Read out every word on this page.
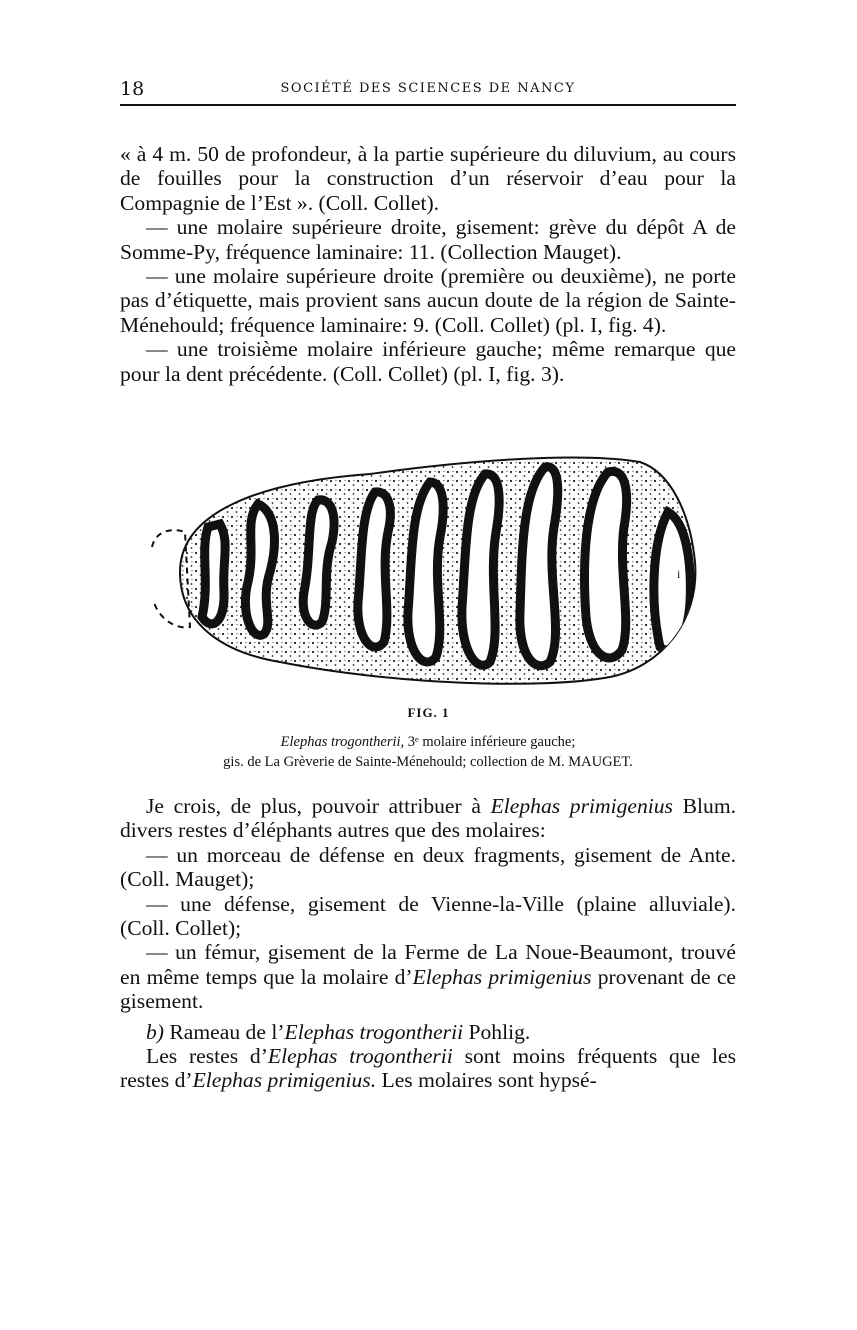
18	SOCIÉTÉ DES SCIENCES DE NANCY

« à 4 m. 50 de profondeur, à la partie supérieure du diluvium, au cours de fouilles pour la construction d’un réservoir d’eau pour la Compagnie de l’Est ». (Coll. Collet).

— une molaire supérieure droite, gisement: grève du dépôt A de Somme-Py, fréquence laminaire: 11. (Collection Mauget).

— une molaire supérieure droite (première ou deuxième), ne porte pas d’étiquette, mais provient sans aucun doute de la région de Sainte-Ménehould; fréquence laminaire: 9. (Coll. Collet) (pl. I, fig. 4).

— une troisième molaire inférieure gauche; même remarque que pour la dent précédente. (Coll. Collet) (pl. I, fig. 3).

i
FIG. 1
Elephas trogontherii, 3ᵉ molaire inférieure gauche;
gis. de La Grèverie de Sainte-Ménehould; collection de M. MAUGET.

Je crois, de plus, pouvoir attribuer à Elephas primigenius Blum. divers restes d’éléphants autres que des molaires:

— un morceau de défense en deux fragments, gisement de Ante. (Coll. Mauget);

— une défense, gisement de Vienne-la-Ville (plaine alluviale). (Coll. Collet);

— un fémur, gisement de la Ferme de La Noue-Beaumont, trouvé en même temps que la molaire d’Elephas primigenius provenant de ce gisement.

b) Rameau de l’Elephas trogontherii Pohlig.

Les restes d’Elephas trogontherii sont moins fréquents que les restes d’Elephas primigenius. Les molaires sont hypsé-
